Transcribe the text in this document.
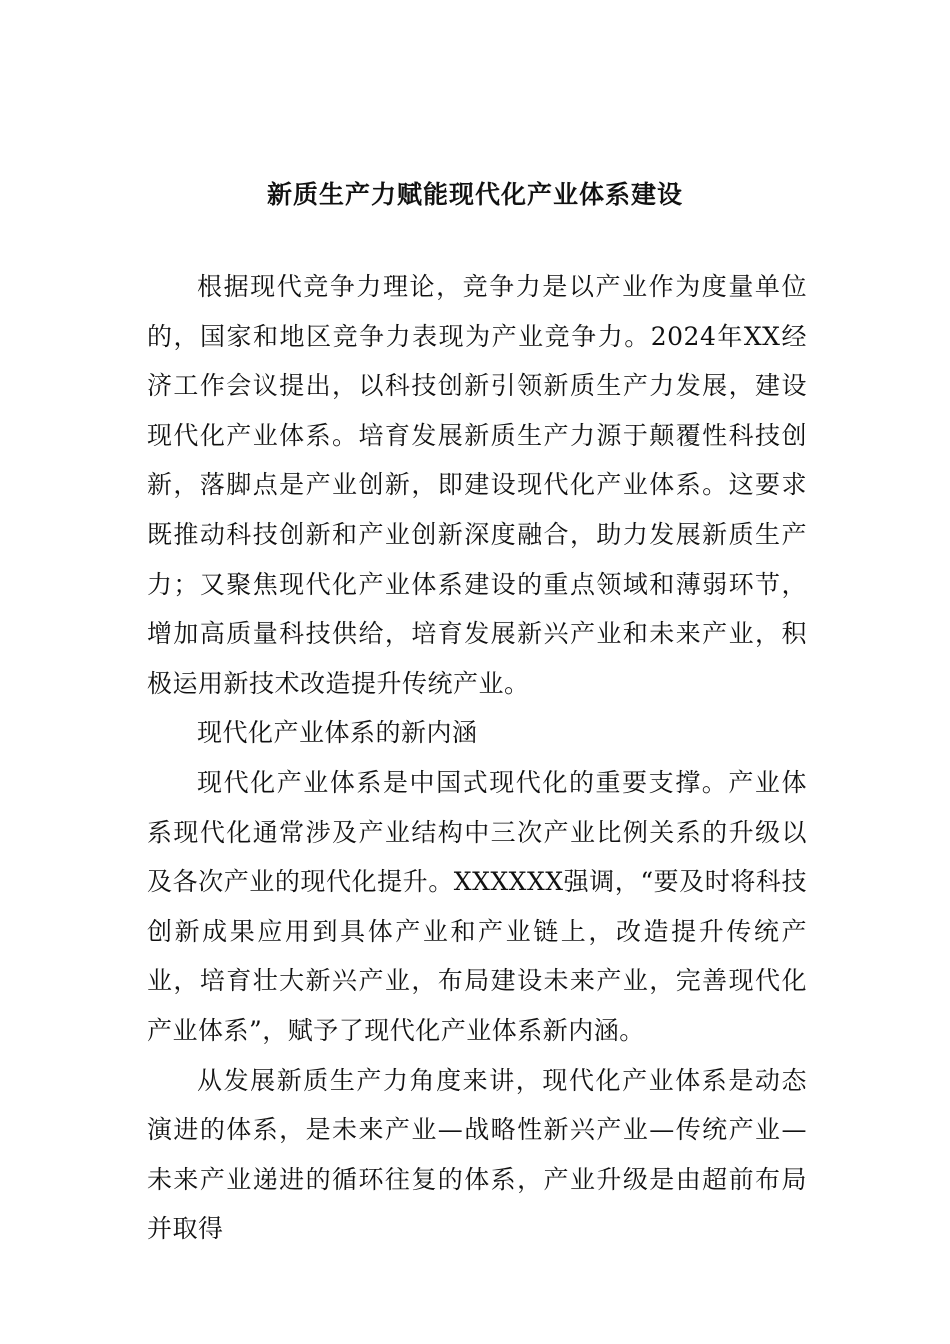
新质生产力赋能现代化产业体系建设

根据现代竞争力理论，竞争力是以产业作为度量单位的，国家和地区竞争力表现为产业竞争力。2024年XX经济工作会议提出，以科技创新引领新质生产力发展，建设现代化产业体系。培育发展新质生产力源于颠覆性科技创新，落脚点是产业创新，即建设现代化产业体系。这要求既推动科技创新和产业创新深度融合，助力发展新质生产力；又聚焦现代化产业体系建设的重点领域和薄弱环节，增加高质量科技供给，培育发展新兴产业和未来产业，积极运用新技术改造提升传统产业。

现代化产业体系的新内涵

现代化产业体系是中国式现代化的重要支撑。产业体系现代化通常涉及产业结构中三次产业比例关系的升级以及各次产业的现代化提升。XXXXXX强调，“要及时将科技创新成果应用到具体产业和产业链上，改造提升传统产业，培育壮大新兴产业，布局建设未来产业，完善现代化产业体系”，赋予了现代化产业体系新内涵。

从发展新质生产力角度来讲，现代化产业体系是动态演进的体系，是未来产业—战略性新兴产业—传统产业—未来产业递进的循环往复的体系，产业升级是由超前布局并取得
